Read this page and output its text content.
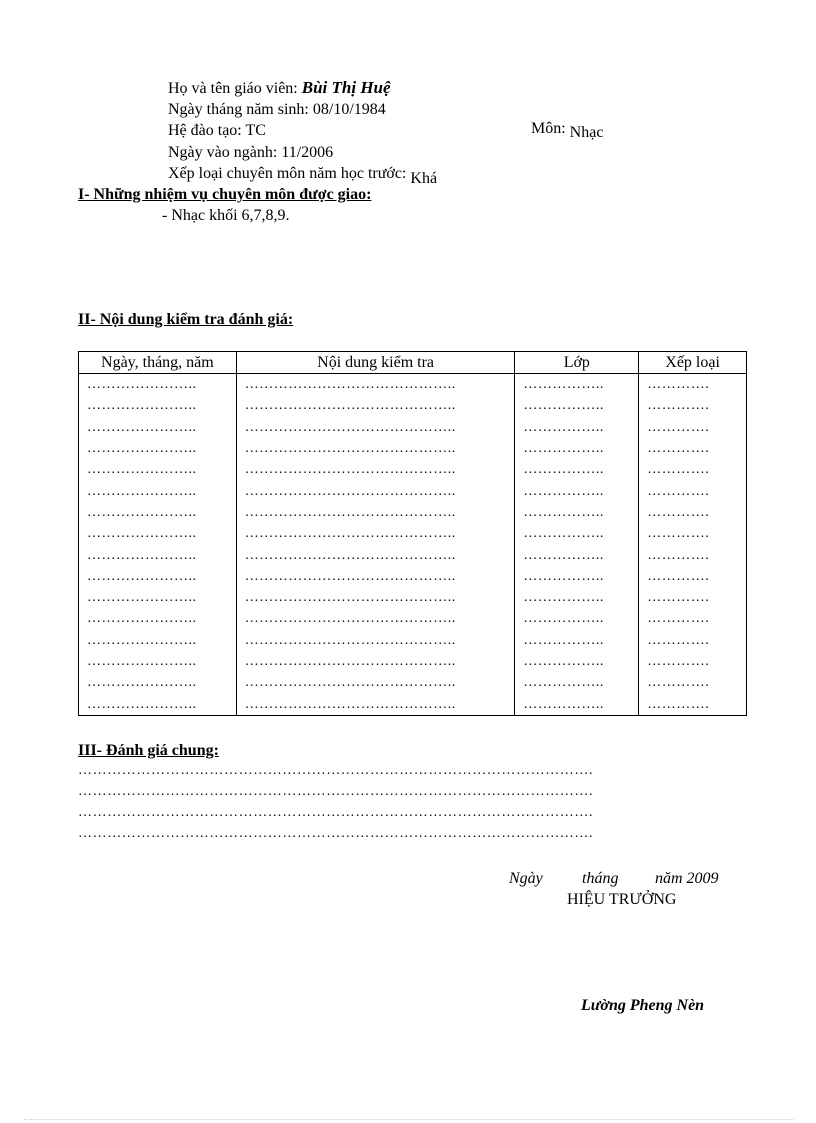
Họ và tên giáo viên: Bùi Thị Huệ
Ngày tháng năm sinh: 08/10/1984
Hệ đào tạo: TC	Môn: Nhạc
Ngày vào ngành: 11/2006
Xếp loại chuyên môn năm học trước: Khá
I- Những nhiệm vụ chuyên môn được giao:
- Nhạc khối 6,7,8,9.
II- Nội dung kiểm tra đánh giá:
Ngày, tháng, năm	Nội dung kiểm tra	Lớp	Xếp loại
…………………..	……………………………………..	……………..	………….
…………………..	……………………………………..	……………..	………….
…………………..	……………………………………..	……………..	………….
…………………..	……………………………………..	……………..	………….
…………………..	……………………………………..	……………..	………….
…………………..	……………………………………..	……………..	………….
…………………..	……………………………………..	……………..	………….
…………………..	……………………………………..	……………..	………….
…………………..	……………………………………..	……………..	………….
…………………..	……………………………………..	……………..	………….
…………………..	……………………………………..	……………..	………….
…………………..	……………………………………..	……………..	………….
…………………..	……………………………………..	……………..	………….
…………………..	……………………………………..	……………..	………….
…………………..	……………………………………..	……………..	………….
…………………..	……………………………………..	……………..	………….
III- Đánh giá chung:
…………………………………………………………………………………………….
…………………………………………………………………………………………….
…………………………………………………………………………………………….
…………………………………………………………………………………………….
Ngày tháng năm 2009
HIỆU TRƯỞNG
Lường Pheng Nèn
